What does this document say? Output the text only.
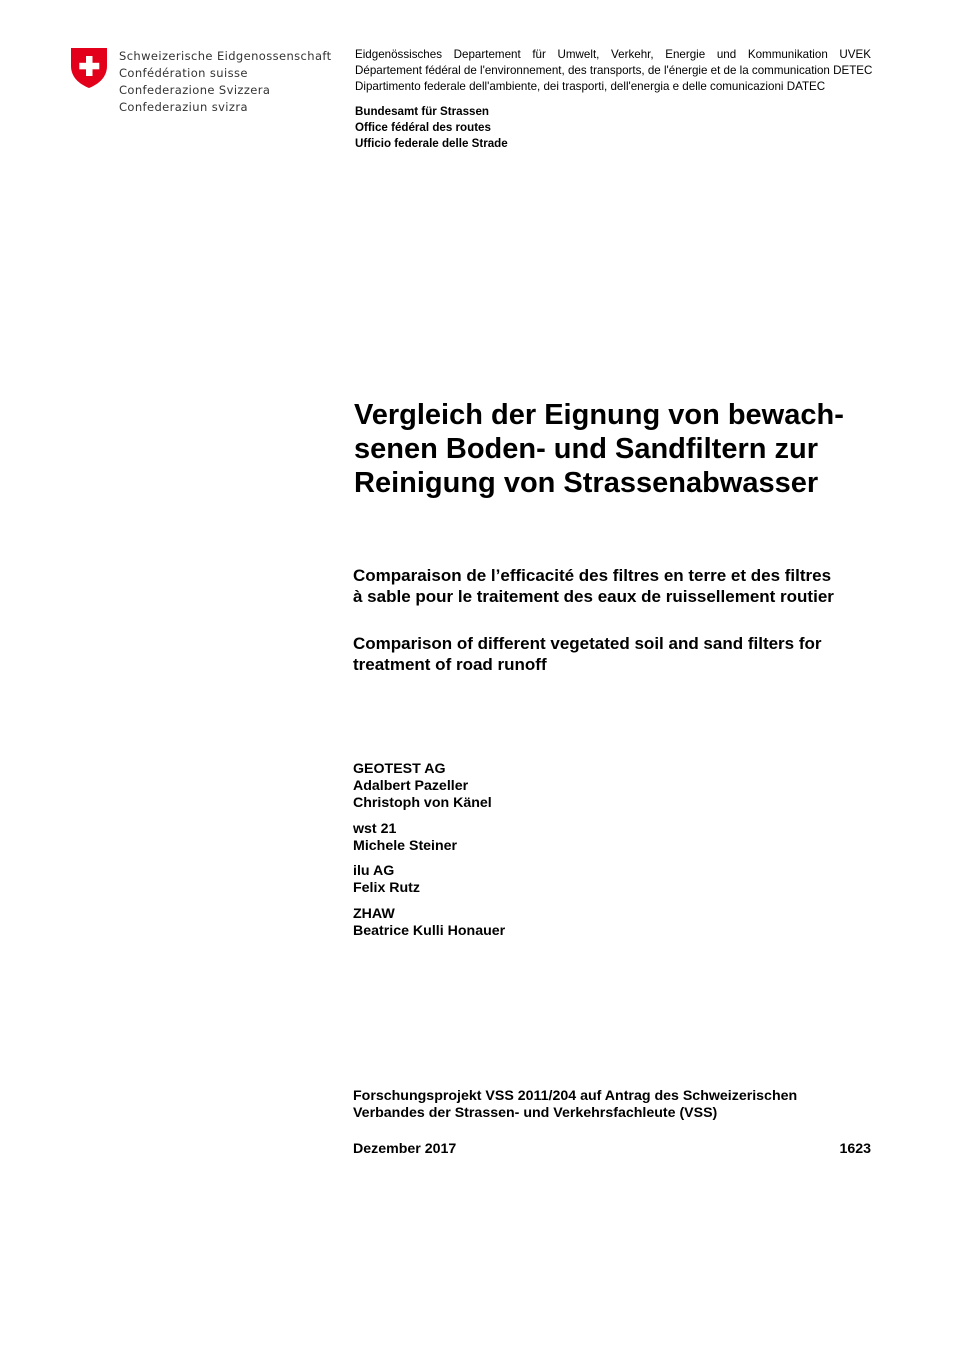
Schweizerische Eidgenossenschaft
Confédération suisse
Confederazione Svizzera
Confederaziun svizra
Eidgenössisches Departement für Umwelt, Verkehr, Energie und Kommunikation UVEK
Département fédéral de l'environnement, des transports, de l'énergie et de la communication DETEC
Dipartimento federale dell'ambiente, dei trasporti, dell'energia e delle comunicazioni DATEC
Bundesamt für Strassen
Office fédéral des routes
Ufficio federale delle Strade
Vergleich der Eignung von bewach-
senen Boden- und Sandfiltern zur
Reinigung von Strassenabwasser
Comparaison de l’efficacité des filtres en terre et des filtres
à sable pour le traitement des eaux de ruissellement routier
Comparison of different vegetated soil and sand filters for
treatment of road runoff
GEOTEST AG
Adalbert Pazeller
Christoph von Känel
wst 21
Michele Steiner
ilu AG
Felix Rutz
ZHAW
Beatrice Kulli Honauer
Forschungsprojekt VSS 2011/204 auf Antrag des Schweizerischen
Verbandes der Strassen- und Verkehrsfachleute (VSS)
Dezember 2017	1623
